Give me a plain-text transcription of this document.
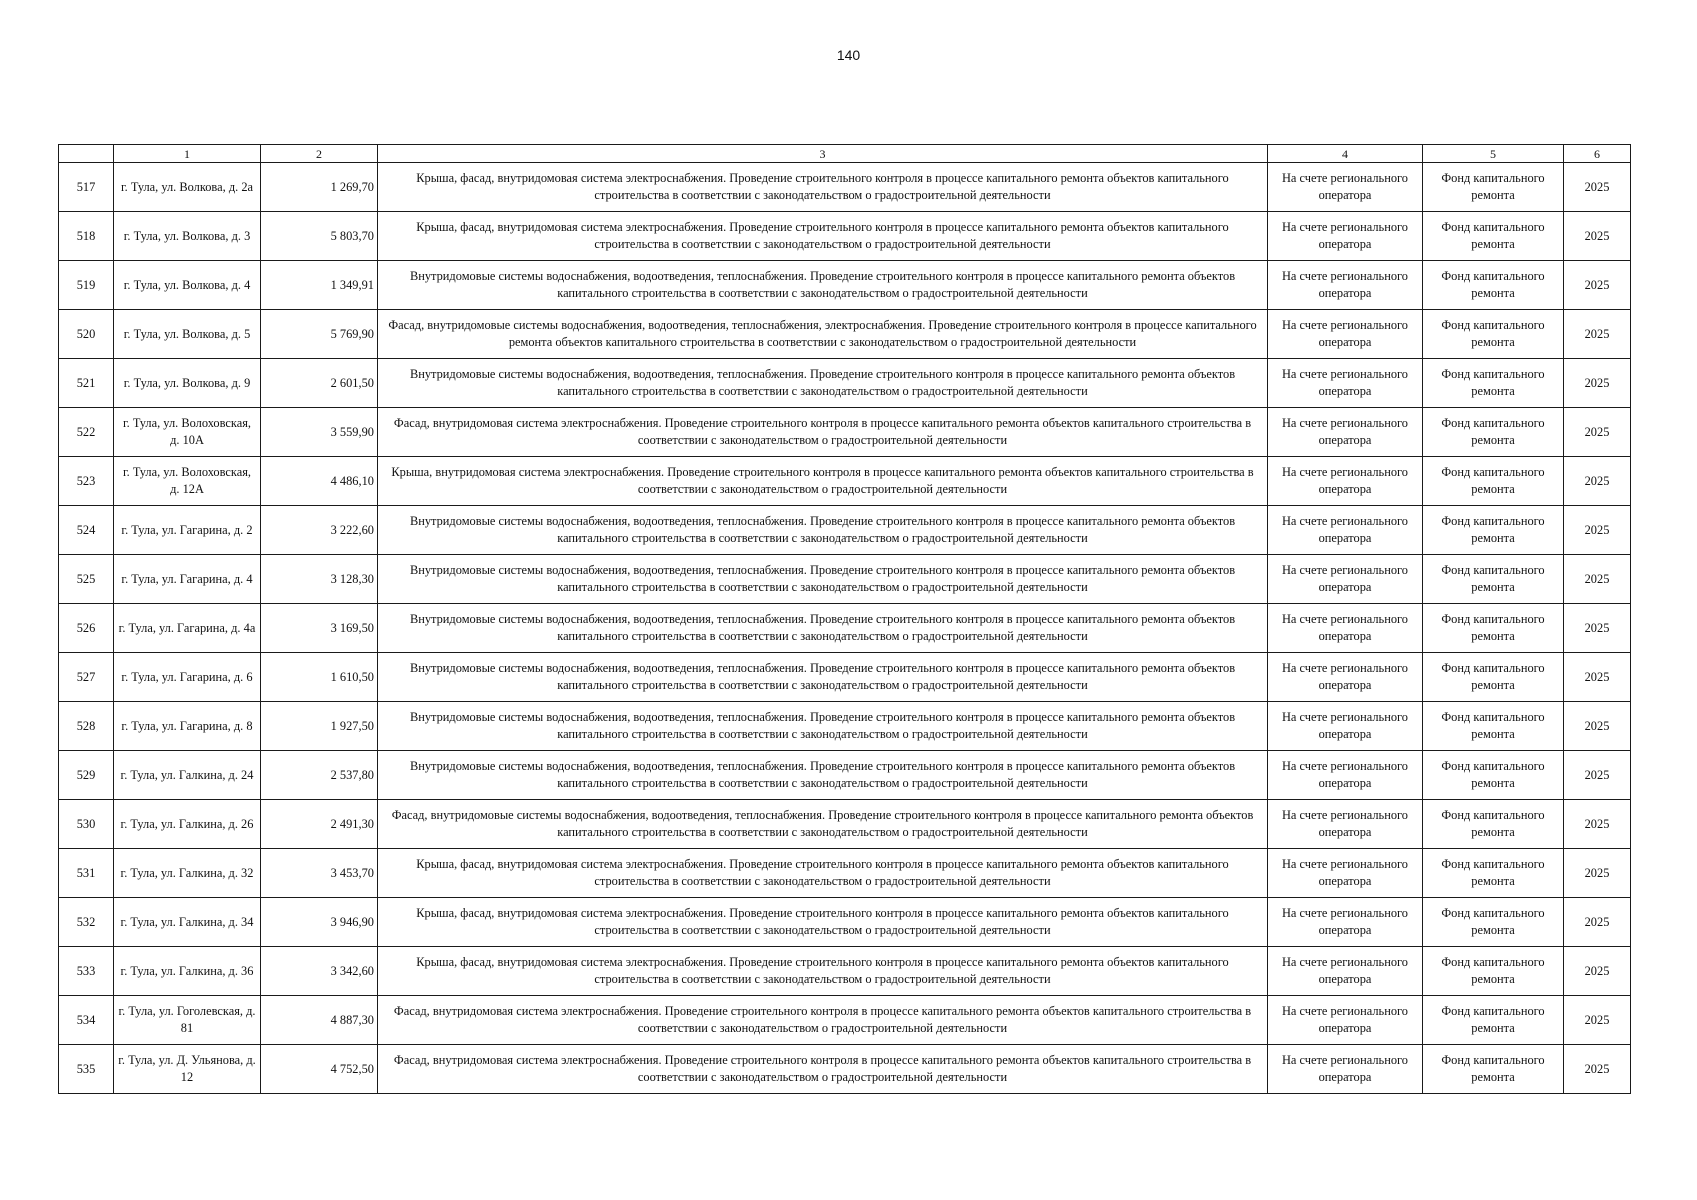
140
	1	2	3	4	5	6
517	г. Тула, ул. Волкова, д. 2а	1 269,70	Крыша, фасад, внутридомовая система электроснабжения. Проведение строительного контроля в процессе капитального ремонта объектов капитального строительства в соответствии с законодательством о градостроительной деятельности	На счете регионального оператора	Фонд капитального ремонта	2025
518	г. Тула, ул. Волкова, д. 3	5 803,70	Крыша, фасад, внутридомовая система электроснабжения. Проведение строительного контроля в процессе капитального ремонта объектов капитального строительства в соответствии с законодательством о градостроительной деятельности	На счете регионального оператора	Фонд капитального ремонта	2025
519	г. Тула, ул. Волкова, д. 4	1 349,91	Внутридомовые системы водоснабжения, водоотведения, теплоснабжения. Проведение строительного контроля в процессе капитального ремонта объектов капитального строительства в соответствии с законодательством о градостроительной деятельности	На счете регионального оператора	Фонд капитального ремонта	2025
520	г. Тула, ул. Волкова, д. 5	5 769,90	Фасад, внутридомовые системы водоснабжения, водоотведения, теплоснабжения, электроснабжения. Проведение строительного контроля в процессе капитального ремонта объектов капитального строительства в соответствии с законодательством о градостроительной деятельности	На счете регионального оператора	Фонд капитального ремонта	2025
521	г. Тула, ул. Волкова, д. 9	2 601,50	Внутридомовые системы водоснабжения, водоотведения, теплоснабжения. Проведение строительного контроля в процессе капитального ремонта объектов капитального строительства в соответствии с законодательством о градостроительной деятельности	На счете регионального оператора	Фонд капитального ремонта	2025
522	г. Тула, ул. Волоховская, д. 10А	3 559,90	Фасад, внутридомовая система электроснабжения. Проведение строительного контроля в процессе капитального ремонта объектов капитального строительства в соответствии с законодательством о градостроительной деятельности	На счете регионального оператора	Фонд капитального ремонта	2025
523	г. Тула, ул. Волоховская, д. 12А	4 486,10	Крыша, внутридомовая система электроснабжения. Проведение строительного контроля в процессе капитального ремонта объектов капитального строительства в соответствии с законодательством о градостроительной деятельности	На счете регионального оператора	Фонд капитального ремонта	2025
524	г. Тула, ул. Гагарина, д. 2	3 222,60	Внутридомовые системы водоснабжения, водоотведения, теплоснабжения. Проведение строительного контроля в процессе капитального ремонта объектов капитального строительства в соответствии с законодательством о градостроительной деятельности	На счете регионального оператора	Фонд капитального ремонта	2025
525	г. Тула, ул. Гагарина, д. 4	3 128,30	Внутридомовые системы водоснабжения, водоотведения, теплоснабжения. Проведение строительного контроля в процессе капитального ремонта объектов капитального строительства в соответствии с законодательством о градостроительной деятельности	На счете регионального оператора	Фонд капитального ремонта	2025
526	г. Тула, ул. Гагарина, д. 4а	3 169,50	Внутридомовые системы водоснабжения, водоотведения, теплоснабжения. Проведение строительного контроля в процессе капитального ремонта объектов капитального строительства в соответствии с законодательством о градостроительной деятельности	На счете регионального оператора	Фонд капитального ремонта	2025
527	г. Тула, ул. Гагарина, д. 6	1 610,50	Внутридомовые системы водоснабжения, водоотведения, теплоснабжения. Проведение строительного контроля в процессе капитального ремонта объектов капитального строительства в соответствии с законодательством о градостроительной деятельности	На счете регионального оператора	Фонд капитального ремонта	2025
528	г. Тула, ул. Гагарина, д. 8	1 927,50	Внутридомовые системы водоснабжения, водоотведения, теплоснабжения. Проведение строительного контроля в процессе капитального ремонта объектов капитального строительства в соответствии с законодательством о градостроительной деятельности	На счете регионального оператора	Фонд капитального ремонта	2025
529	г. Тула, ул. Галкина, д. 24	2 537,80	Внутридомовые системы водоснабжения, водоотведения, теплоснабжения. Проведение строительного контроля в процессе капитального ремонта объектов капитального строительства в соответствии с законодательством о градостроительной деятельности	На счете регионального оператора	Фонд капитального ремонта	2025
530	г. Тула, ул. Галкина, д. 26	2 491,30	Фасад, внутридомовые системы водоснабжения, водоотведения, теплоснабжения. Проведение строительного контроля в процессе капитального ремонта объектов капитального строительства в соответствии с законодательством о градостроительной деятельности	На счете регионального оператора	Фонд капитального ремонта	2025
531	г. Тула, ул. Галкина, д. 32	3 453,70	Крыша, фасад, внутридомовая система электроснабжения. Проведение строительного контроля в процессе капитального ремонта объектов капитального строительства в соответствии с законодательством о градостроительной деятельности	На счете регионального оператора	Фонд капитального ремонта	2025
532	г. Тула, ул. Галкина, д. 34	3 946,90	Крыша, фасад, внутридомовая система электроснабжения. Проведение строительного контроля в процессе капитального ремонта объектов капитального строительства в соответствии с законодательством о градостроительной деятельности	На счете регионального оператора	Фонд капитального ремонта	2025
533	г. Тула, ул. Галкина, д. 36	3 342,60	Крыша, фасад, внутридомовая система электроснабжения. Проведение строительного контроля в процессе капитального ремонта объектов капитального строительства в соответствии с законодательством о градостроительной деятельности	На счете регионального оператора	Фонд капитального ремонта	2025
534	г. Тула, ул. Гоголевская, д. 81	4 887,30	Фасад, внутридомовая система электроснабжения. Проведение строительного контроля в процессе капитального ремонта объектов капитального строительства в соответствии с законодательством о градостроительной деятельности	На счете регионального оператора	Фонд капитального ремонта	2025
535	г. Тула, ул. Д. Ульянова, д. 12	4 752,50	Фасад, внутридомовая система электроснабжения. Проведение строительного контроля в процессе капитального ремонта объектов капитального строительства в соответствии с законодательством о градостроительной деятельности	На счете регионального оператора	Фонд капитального ремонта	2025
